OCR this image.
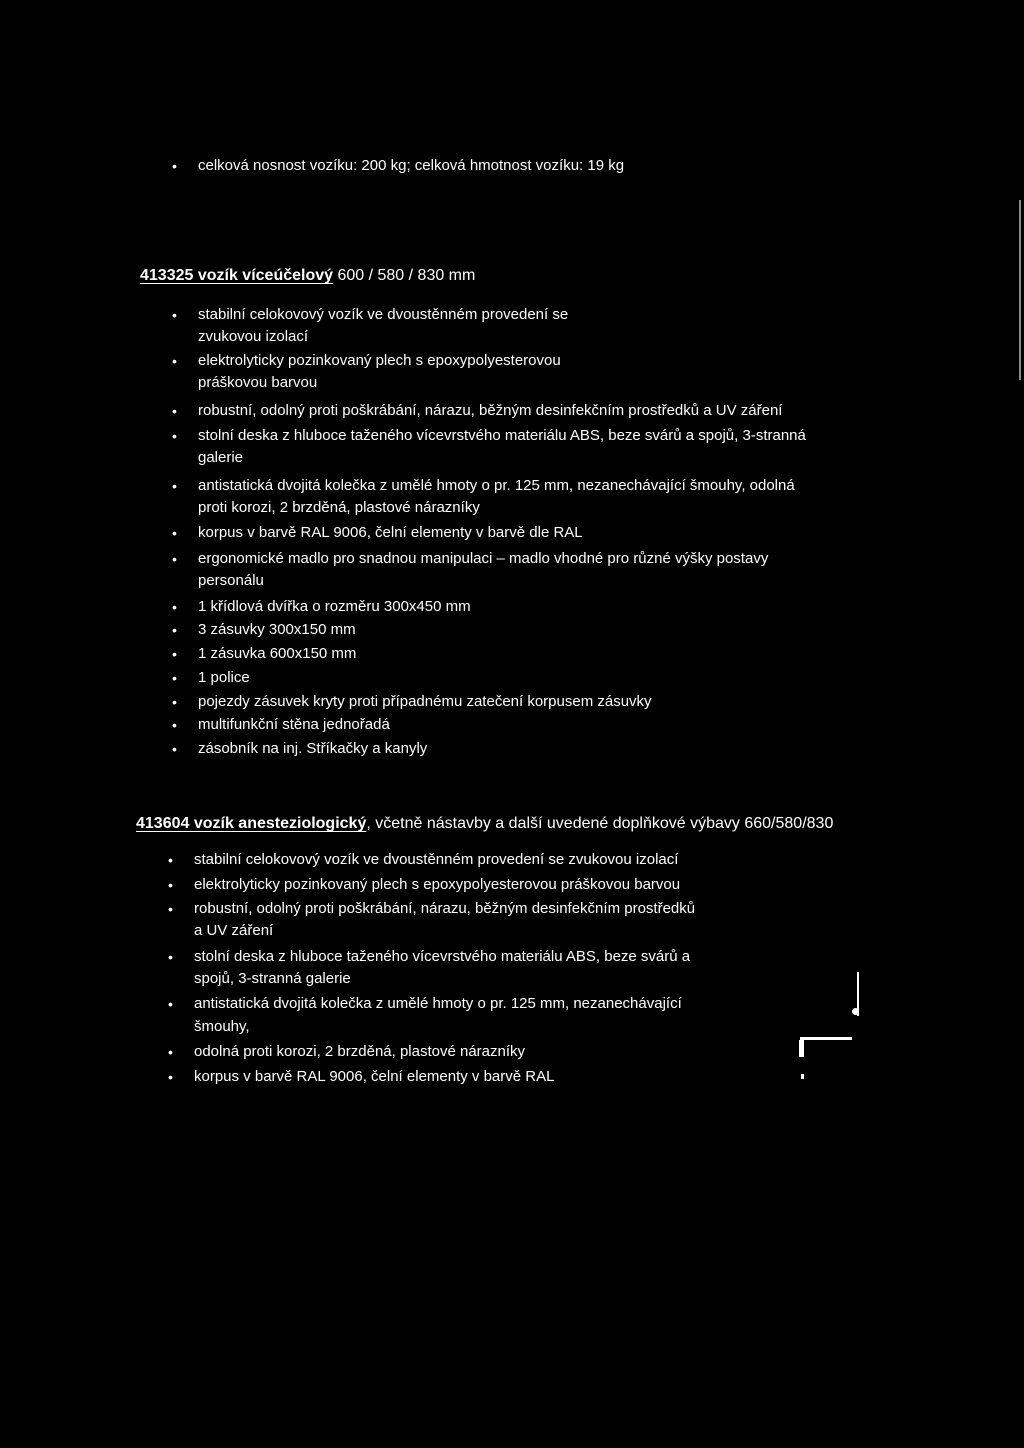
• celková nosnost vozíku: 200 kg; celková hmotnost vozíku: 19 kg
413325 vozík víceúčelový 600 / 580 / 830 mm
• stabilní celokovový vozík ve dvoustěnném provedení se
zvukovou izolací
• elektrolyticky pozinkovaný plech s epoxypolyesterovou
práškovou barvou
• robustní, odolný proti poškrábání, nárazu, běžným desinfekčním prostředků a UV záření
• stolní deska z hluboce taženého vícevrstvého materiálu ABS, beze svárů a spojů, 3-stranná
galerie
• antistatická dvojitá kolečka z umělé hmoty o pr. 125 mm, nezanechávající šmouhy, odolná
proti korozi, 2 brzděná, plastové nárazníky
• korpus v barvě RAL 9006, čelní elementy v barvě dle RAL
• ergonomické madlo pro snadnou manipulaci – madlo vhodné pro různé výšky postavy
personálu
• 1 křídlová dvířka o rozměru 300x450 mm
• 3 zásuvky 300x150 mm
• 1 zásuvka 600x150 mm
• 1 police
• pojezdy zásuvek kryty proti případnému zatečení korpusem zásuvky
• multifunkční stěna jednořadá
• zásobník na inj. Stříkačky a kanyly
413604 vozík anesteziologický, včetně nástavby a další uvedené doplňkové výbavy 660/580/830
• stabilní celokovový vozík ve dvoustěnném provedení se zvukovou izolací
• elektrolyticky pozinkovaný plech s epoxypolyesterovou práškovou barvou
• robustní, odolný proti poškrábání, nárazu, běžným desinfekčním prostředků
a UV záření
• stolní deska z hluboce taženého vícevrstvého materiálu ABS, beze svárů a
spojů, 3-stranná galerie
• antistatická dvojitá kolečka z umělé hmoty o pr. 125 mm, nezanechávající
šmouhy,
• odolná proti korozi, 2 brzděná, plastové nárazníky
• korpus v barvě RAL 9006, čelní elementy v barvě RAL
